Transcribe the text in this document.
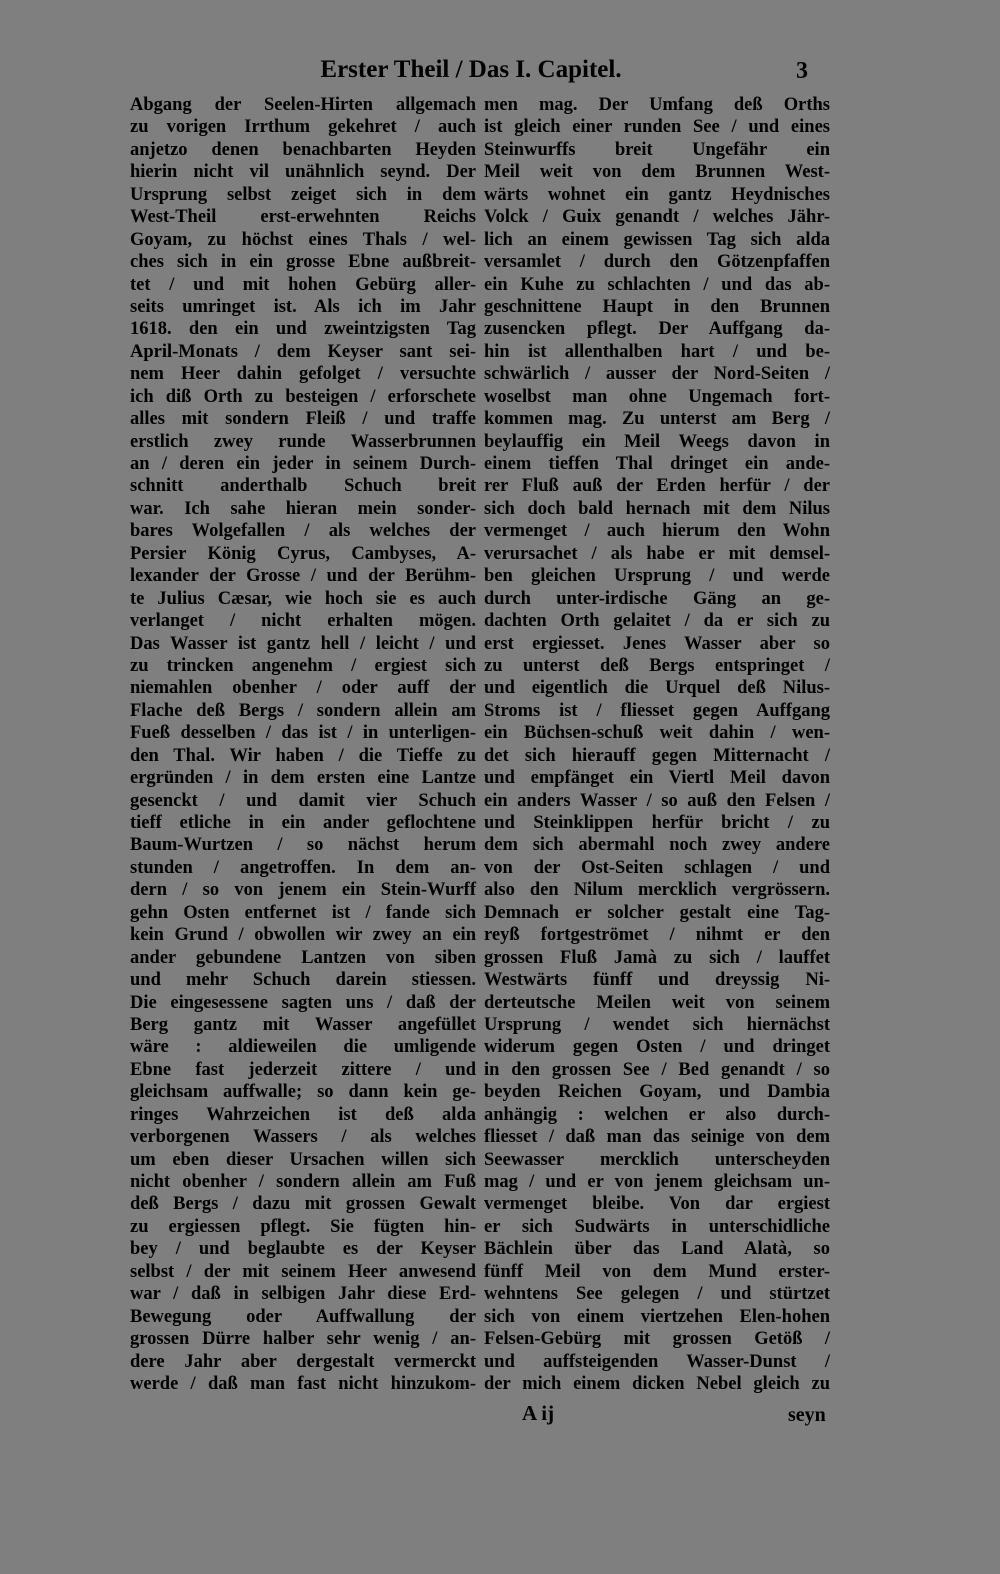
Erster Theil / Das I. Capitel.	3
Abgang der Seelen-Hirten allgemach
zu vorigen Irrthum gekehret / auch
anjetzo denen benachbarten Heyden
hierin nicht vil unähnlich seynd. Der
Ursprung selbst zeiget sich in dem
West-Theil erst-erwehnten Reichs
Goyam, zu höchst eines Thals / wel-
ches sich in ein grosse Ebne außbreit-
tet / und mit hohen Gebürg aller-
seits umringet ist. Als ich im Jahr
1618. den ein und zweintzigsten Tag
April-Monats / dem Keyser sant sei-
nem Heer dahin gefolget / versuchte
ich diß Orth zu besteigen / erforschete
alles mit sondern Fleiß / und traffe
erstlich zwey runde Wasserbrunnen
an / deren ein jeder in seinem Durch-
schnitt anderthalb Schuch breit
war. Ich sahe hieran mein sonder-
bares Wolgefallen / als welches der
Persier König Cyrus, Cambyses, A-
lexander der Grosse / und der Berühm-
te Julius Cæsar, wie hoch sie es auch
verlanget / nicht erhalten mögen.
Das Wasser ist gantz hell / leicht / und
zu trincken angenehm / ergiest sich
niemahlen obenher / oder auff der
Flache deß Bergs / sondern allein am
Fueß desselben / das ist / in unterligen-
den Thal. Wir haben / die Tieffe zu
ergründen / in dem ersten eine Lantze
gesenckt / und damit vier Schuch
tieff etliche in ein ander geflochtene
Baum-Wurtzen / so nächst herum
stunden / angetroffen. In dem an-
dern / so von jenem ein Stein-Wurff
gehn Osten entfernet ist / fande sich
kein Grund / obwollen wir zwey an ein
ander gebundene Lantzen von siben
und mehr Schuch darein stiessen.
Die eingesessene sagten uns / daß der
Berg gantz mit Wasser angefüllet
wäre : aldieweilen die umligende
Ebne fast jederzeit zittere / und
gleichsam auffwalle; so dann kein ge-
ringes Wahrzeichen ist deß alda
verborgenen Wassers / als welches
um eben dieser Ursachen willen sich
nicht obenher / sondern allein am Fuß
deß Bergs / dazu mit grossen Gewalt
zu ergiessen pflegt. Sie fügten hin-
bey / und beglaubte es der Keyser
selbst / der mit seinem Heer anwesend
war / daß in selbigen Jahr diese Erd-
Bewegung oder Auffwallung der
grossen Dürre halber sehr wenig / an-
dere Jahr aber dergestalt vermerckt
werde / daß man fast nicht hinzukom-
men mag. Der Umfang deß Orths
ist gleich einer runden See / und eines
Steinwurffs breit Ungefähr ein
Meil weit von dem Brunnen West-
wärts wohnet ein gantz Heydnisches
Volck / Guix genandt / welches Jähr-
lich an einem gewissen Tag sich alda
versamlet / durch den Götzenpfaffen
ein Kuhe zu schlachten / und das ab-
geschnittene Haupt in den Brunnen
zusencken pflegt. Der Auffgang da-
hin ist allenthalben hart / und be-
schwärlich / ausser der Nord-Seiten /
woselbst man ohne Ungemach fort-
kommen mag. Zu unterst am Berg /
beylauffig ein Meil Weegs davon in
einem tieffen Thal dringet ein ande-
rer Fluß auß der Erden herfür / der
sich doch bald hernach mit dem Nilus
vermenget / auch hierum den Wohn
verursachet / als habe er mit demsel-
ben gleichen Ursprung / und werde
durch unter-irdische Gäng an ge-
dachten Orth gelaitet / da er sich zu
erst ergiesset. Jenes Wasser aber so
zu unterst deß Bergs entspringet /
und eigentlich die Urquel deß Nilus-
Stroms ist / fliesset gegen Auffgang
ein Büchsen-schuß weit dahin / wen-
det sich hierauff gegen Mitternacht /
und empfänget ein Viertl Meil davon
ein anders Wasser / so auß den Felsen /
und Steinklippen herfür bricht / zu
dem sich abermahl noch zwey andere
von der Ost-Seiten schlagen / und
also den Nilum mercklich vergrössern.
Demnach er solcher gestalt eine Tag-
reyß fortgeströmet / nihmt er den
grossen Fluß Jamà zu sich / lauffet
Westwärts fünff und dreyssig Ni-
derteutsche Meilen weit von seinem
Ursprung / wendet sich hiernächst
widerum gegen Osten / und dringet
in den grossen See / Bed genandt / so
beyden Reichen Goyam, und Dambia
anhängig : welchen er also durch-
fliesset / daß man das seinige von dem
Seewasser mercklich unterscheyden
mag / und er von jenem gleichsam un-
vermenget bleibe. Von dar ergiest
er sich Sudwärts in unterschidliche
Bächlein über das Land Alatà, so
fünff Meil von dem Mund erster-
wehntens See gelegen / und stürtzet
sich von einem viertzehen Elen-hohen
Felsen-Gebürg mit grossen Getöß /
und auffsteigenden Wasser-Dunst /
der mich einem dicken Nebel gleich zu
A ij	seyn
